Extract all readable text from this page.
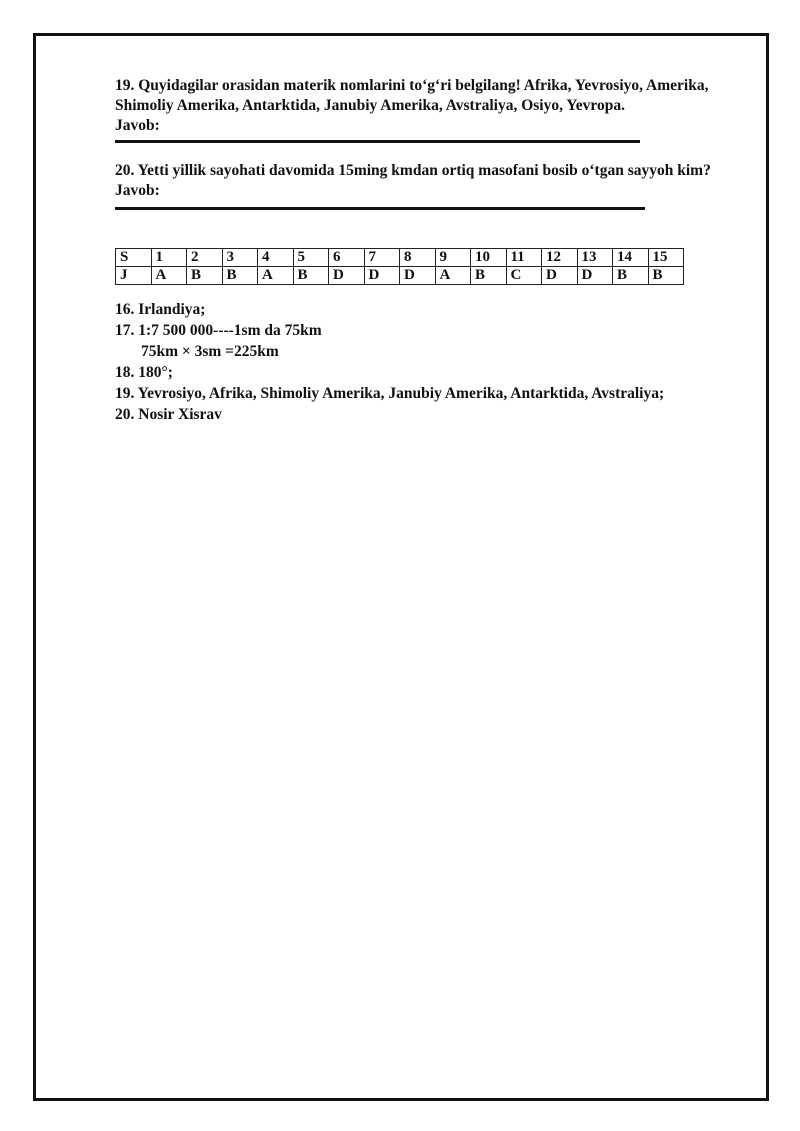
19. Quyidagilar orasidan materik nomlarini to‘g‘ri belgilang! Afrika, Yevrosiyo, Amerika, Shimoliy Amerika, Antarktida, Janubiy Amerika, Avstraliya, Osiyo, Yevropa.

Javob:

20. Yetti yillik sayohati davomida 15ming kmdan ortiq masofani bosib o‘tgan sayyoh kim?

Javob:

S	1	2	3	4	5	6	7	8	9	10	11	12	13	14	15
J	A	B	B	A	B	D	D	D	A	B	C	D	D	B	B
16. Irlandiya;
17. 1:7 500 000----1sm da 75km
75km × 3sm =225km
18. 180°;
19. Yevrosiyo, Afrika, Shimoliy Amerika, Janubiy Amerika, Antarktida, Avstraliya;
20. Nosir Xisrav
